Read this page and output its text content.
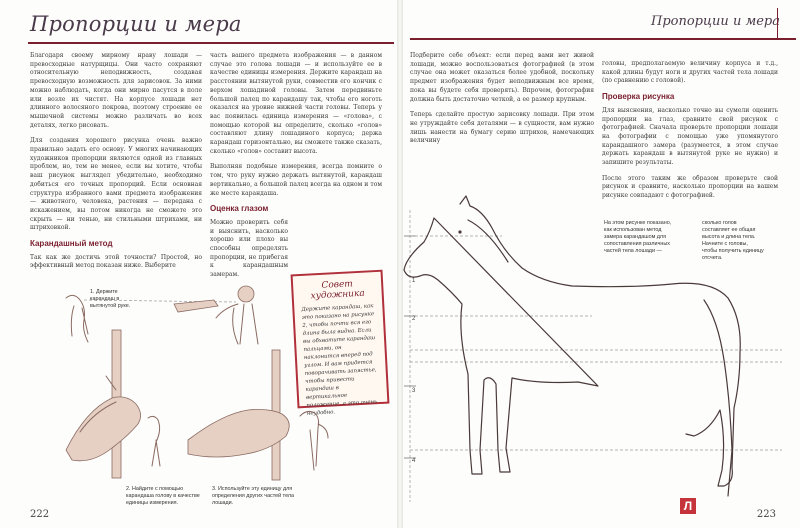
Пропорции и мера

Благодаря своему мирному нраву лошади — превосходные натурщицы. Они часто сохраняют относительную неподвижность, создавая превосходную возможность для зарисовок. За ними можно наблюдать, когда они мирно пасутся в поле или возле их чистят. На корпусе лошади нет длинного волосяного покрова, поэтому строение ее мышечной системы можно различать во всех деталях, легко рисовать.

Для создания хорошего рисунка очень важно правильно задать его основу. У многих начинающих художников пропорции являются одной из главных проблем, но, тем не менее, если вы хотите, чтобы ваш рисунок выглядел убедительно, необходимо добиться его точных пропорций. Если основная структура избранного вами предмета изображения — животного, человека, растения — передана с искажением, вы потом никогда не сможете это скрыть — ни тенью, ни стильными штрихами, ни штриховкой.

Карандашный метод

Так как же достичь этой точности? Простой, но эффективный метод показан ниже. Выберите

часть вашего предмета изображения — в данном случае это голова лошади — и используйте ее в качестве единицы измерения. Держите карандаш на расстоянии вытянутой руки, совместив его кончик с верхом лошадиной головы. Затем передвиньте большой палец по карандашу так, чтобы его ноготь оказался на уровне нижней части головы. Теперь у вас появилась единица измерения — «голова», с помощью которой вы определите, сколько «голов» составляют длину лошадиного корпуса; держа карандаш горизонтально, вы сможете также сказать, сколько «голов» составит высота.

Выполняя подобные измерения, всегда помните о том, что руку нужно держать вытянутой, карандаш вертикально, а большой палец всегда на одном и том же месте карандаша.

Оценка глазом

Можно проверить себя и выяснить, насколько хорошо или плохо вы способны определять пропорции, не прибегая к карандашным замерам.

Совет художника
Держите карандаш, как это показано на рисунке 2, чтобы почти вся его длина была видна. Если вы обхватите карандаш пальцами, он наклонится вперед под углом. И вам придется поворачивать запястье, чтобы привести карандаш в вертикальное положение, а это очень неудобно.
1. Держите карандаш в вытянутой руке.
2. Найдите с помощью карандаша голову в качестве единицы измерения.
3. Используйте эту единицу для определения других частей тела лошади.
222
Пропорции и мера

Подберите себе объект: если перед вами нет живой лошади, можно воспользоваться фотографией (в этом случае она может оказаться более удобной, поскольку предмет изображения будет неподвижным все время, пока вы будете себя проверять). Впрочем, фотография должна быть достаточно четкой, а ее размер крупным.

Теперь сделайте простую зарисовку лошади. При этом не утруждайте себя деталями — в сущности, вам нужно лишь нанести на бумагу серию штрихов, намечающих величину

головы, предполагаемую величину корпуса и т.д., какой длины будут ноги и других частей тела лошади (по сравнению с головой).

Проверка рисунка

Для выяснения, насколько точно вы сумели оценить пропорции на глаз, сравните свой рисунок с фотографией. Сначала проверьте пропорции лошади на фотографии с помощью уже упомянутого карандашного замера (разумеется, в этом случае держать карандаш в вытянутой руке не нужно) и запишите результаты.

После этого таким же образом проверьте свой рисунок и сравните, насколько пропорции на вашем рисунке совпадают с фотографией.

На этом рисунке показано, как использован метод замера карандашом для сопоставления различных частей тела лошади —
сколько голов составляет ее общая высота и длина тела. Начните с головы, чтобы получить единицу отсчета.
1
2
3
4
Л
223
